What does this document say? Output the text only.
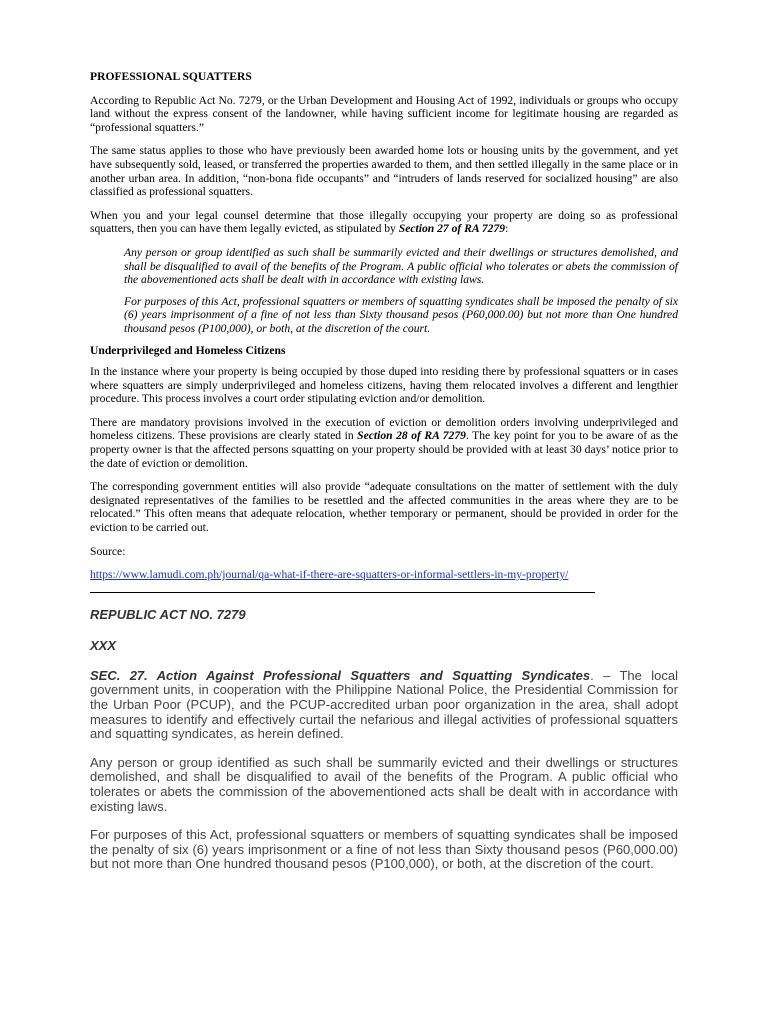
PROFESSIONAL SQUATTERS

According to Republic Act No. 7279, or the Urban Development and Housing Act of 1992, individuals or groups who occupy land without the express consent of the landowner, while having sufficient income for legitimate housing are regarded as “professional squatters.”

The same status applies to those who have previously been awarded home lots or housing units by the government, and yet have subsequently sold, leased, or transferred the properties awarded to them, and then settled illegally in the same place or in another urban area. In addition, “non-bona fide occupants” and “intruders of lands reserved for socialized housing” are also classified as professional squatters.

When you and your legal counsel determine that those illegally occupying your property are doing so as professional squatters, then you can have them legally evicted, as stipulated by Section 27 of RA 7279:

Any person or group identified as such shall be summarily evicted and their dwellings or structures demolished, and shall be disqualified to avail of the benefits of the Program. A public official who tolerates or abets the commission of the abovementioned acts shall be dealt with in accordance with existing laws.

For purposes of this Act, professional squatters or members of squatting syndicates shall be imposed the penalty of six (6) years imprisonment of a fine of not less than Sixty thousand pesos (P60,000.00) but not more than One hundred thousand pesos (P100,000), or both, at the discretion of the court.

Underprivileged and Homeless Citizens

In the instance where your property is being occupied by those duped into residing there by professional squatters or in cases where squatters are simply underprivileged and homeless citizens, having them relocated involves a different and lengthier procedure. This process involves a court order stipulating eviction and/or demolition.

There are mandatory provisions involved in the execution of eviction or demolition orders involving underprivileged and homeless citizens. These provisions are clearly stated in Section 28 of RA 7279. The key point for you to be aware of as the property owner is that the affected persons squatting on your property should be provided with at least 30 days’ notice prior to the date of eviction or demolition.

The corresponding government entities will also provide “adequate consultations on the matter of settlement with the duly designated representatives of the families to be resettled and the affected communities in the areas where they are to be relocated.” This often means that adequate relocation, whether temporary or permanent, should be provided in order for the eviction to be carried out.

Source:

https://www.lamudi.com.ph/journal/qa-what-if-there-are-squatters-or-informal-settlers-in-my-property/
REPUBLIC ACT NO. 7279
XXX

SEC. 27. Action Against Professional Squatters and Squatting Syndicates. – The local government units, in cooperation with the Philippine National Police, the Presidential Commission for the Urban Poor (PCUP), and the PCUP-accredited urban poor organization in the area, shall adopt measures to identify and effectively curtail the nefarious and illegal activities of professional squatters and squatting syndicates, as herein defined.

Any person or group identified as such shall be summarily evicted and their dwellings or structures demolished, and shall be disqualified to avail of the benefits of the Program. A public official who tolerates or abets the commission of the abovementioned acts shall be dealt with in accordance with existing laws.

For purposes of this Act, professional squatters or members of squatting syndicates shall be imposed the penalty of six (6) years imprisonment or a fine of not less than Sixty thousand pesos (P60,000.00) but not more than One hundred thousand pesos (P100,000), or both, at the discretion of the court.
